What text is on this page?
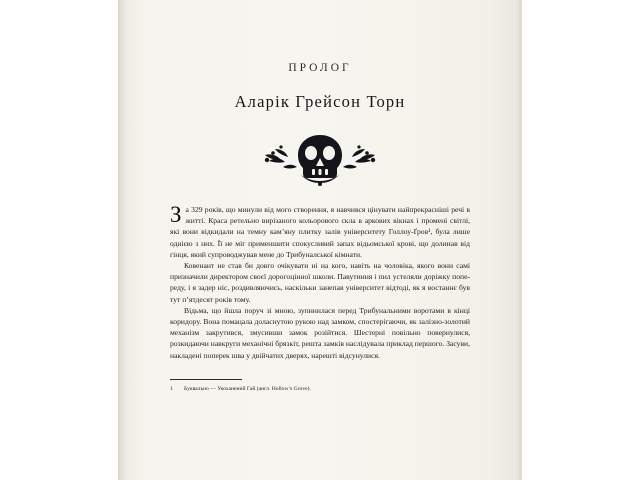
ПРОЛОГ
Аларік Грейсон Торн

З а 329 років, що минули від мого створення, я навчився цінувати найпрекрасніші речі в житті. Краса ретельно вирізаного кольорового скла в аркових вікнах і промені світлі, які вони відкидали на темну кам’яну плитку залів університету Голлоу-Ґров¹, була лише однією з них. Її не міг применшити спокусливий запах відьомської крові, що долинав від гінця, який супроводжував мене до Трибуналської кімнати.

Ковенант не став би довго очікувати ні на кого, навіть на чоловіка, якого вони самі призначили директором своєї дорогоцінної школи. Павутиння і пил устеляли доріжку попереду, і я задер ніс, роздивляючись, наскільки занепав університет відтоді, як я востаннє був тут п’ятдесят років тому.

Відьма, що йшла поруч зі мною, зупинилася перед Трибунальними воротами в кінці коридору. Вона помацала доласнутою рукою над замком, спостерігаючи, як залізно-золотий механізм закрутився, змусивши замок розійтися. Шестерні повільно повернулися, розкидаючи навкруги механічні брязкіт, решта замків наслідувала приклад першого. Засуви, накладені поперек шва у двійчатих дверях, нарешті відсунулися.

1 Буквально — Укоханений Гай (англ. Hollow’s Grove).
